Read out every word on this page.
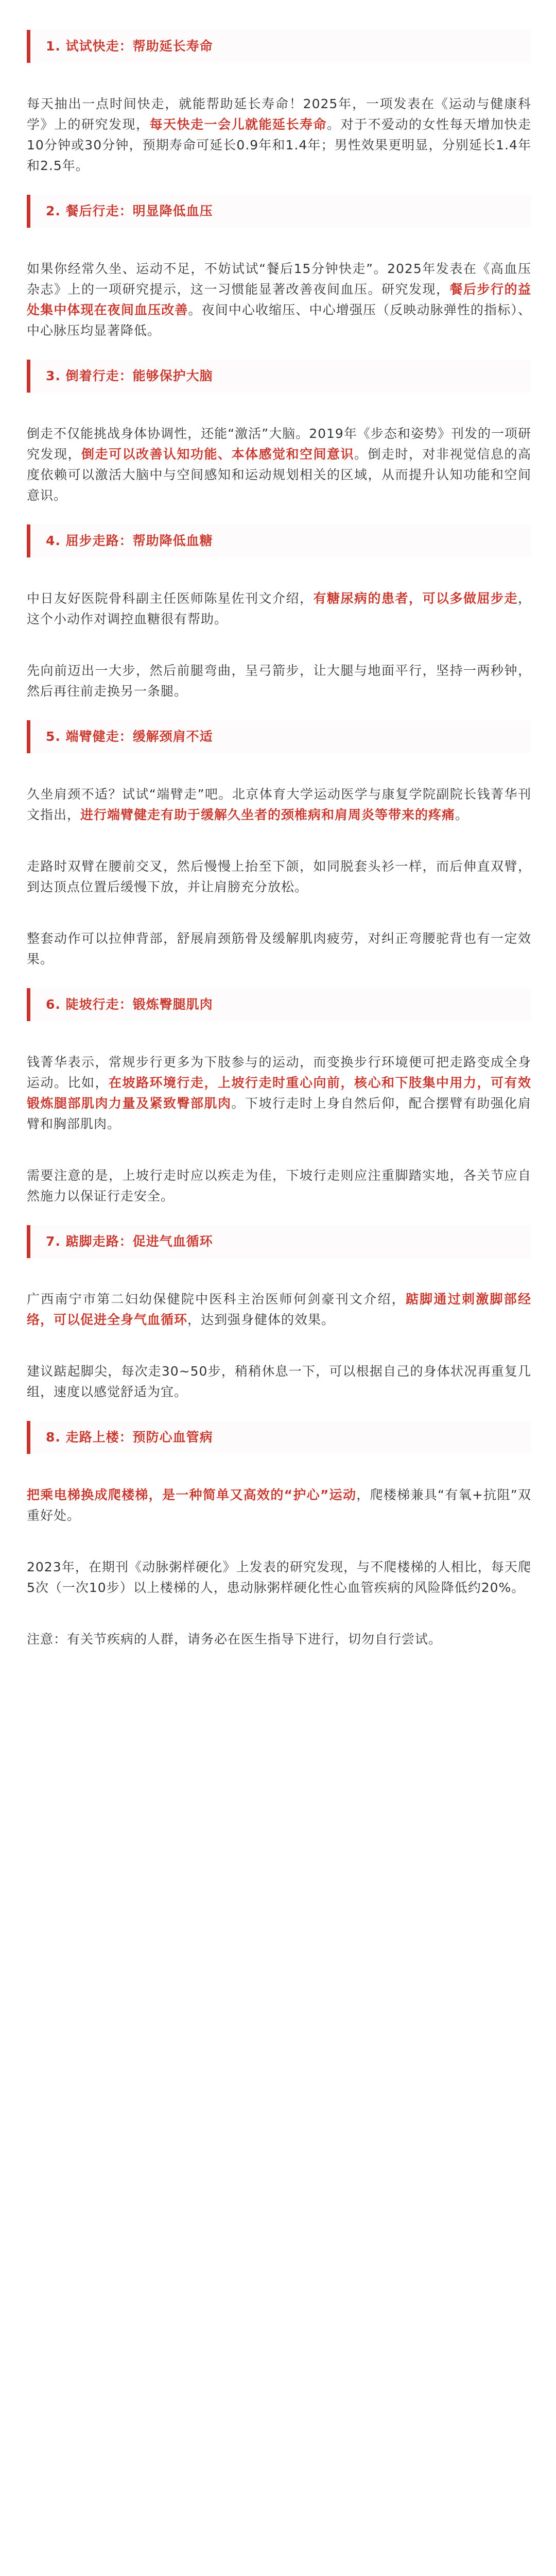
1. 试试快走：帮助延长寿命

每天抽出一点时间快走，就能帮助延长寿命！2025年，一项发表在《运动与健康科学》上的研究发现，每天快走一会儿就能延长寿命。对于不爱动的女性每天增加快走10分钟或30分钟，预期寿命可延长0.9年和1.4年；男性效果更明显，分别延长1.4年和2.5年。

2. 餐后行走：明显降低血压

如果你经常久坐、运动不足，不妨试试“餐后15分钟快走”。2025年发表在《高血压杂志》上的一项研究提示，这一习惯能显著改善夜间血压。研究发现，餐后步行的益处集中体现在夜间血压改善。夜间中心收缩压、中心增强压（反映动脉弹性的指标）、中心脉压均显著降低。

3. 倒着行走：能够保护大脑

倒走不仅能挑战身体协调性，还能“激活”大脑。2019年《步态和姿势》刊发的一项研究发现，倒走可以改善认知功能、本体感觉和空间意识。倒走时，对非视觉信息的高度依赖可以激活大脑中与空间感知和运动规划相关的区域，从而提升认知功能和空间意识。

4. 屈步走路：帮助降低血糖

中日友好医院骨科副主任医师陈星佐刊文介绍，有糖尿病的患者，可以多做屈步走，这个小动作对调控血糖很有帮助。

先向前迈出一大步，然后前腿弯曲，呈弓箭步，让大腿与地面平行，坚持一两秒钟，然后再往前走换另一条腿。

5. 端臂健走：缓解颈肩不适

久坐肩颈不适？试试“端臂走”吧。北京体育大学运动医学与康复学院副院长钱菁华刊文指出，进行端臂健走有助于缓解久坐者的颈椎病和肩周炎等带来的疼痛。

走路时双臂在腰前交叉，然后慢慢上抬至下颌，如同脱套头衫一样，而后伸直双臂，到达顶点位置后缓慢下放，并让肩膀充分放松。

整套动作可以拉伸背部，舒展肩颈筋骨及缓解肌肉疲劳，对纠正弯腰驼背也有一定效果。

6. 陡坡行走：锻炼臀腿肌肉

钱菁华表示，常规步行更多为下肢参与的运动，而变换步行环境便可把走路变成全身运动。比如，在坡路环境行走，上坡行走时重心向前，核心和下肢集中用力，可有效锻炼腿部肌肉力量及紧致臀部肌肉。下坡行走时上身自然后仰，配合摆臂有助强化肩臂和胸部肌肉。

需要注意的是，上坡行走时应以疾走为佳，下坡行走则应注重脚踏实地，各关节应自然施力以保证行走安全。

7. 踮脚走路：促进气血循环

广西南宁市第二妇幼保健院中医科主治医师何剑豪刊文介绍，踮脚通过刺激脚部经络，可以促进全身气血循环，达到强身健体的效果。

建议踮起脚尖，每次走30~50步，稍稍休息一下，可以根据自己的身体状况再重复几组，速度以感觉舒适为宜。

8. 走路上楼：预防心血管病

把乘电梯换成爬楼梯，是一种简单又高效的“护心”运动，爬楼梯兼具“有氧+抗阻”双重好处。

2023年，在期刊《动脉粥样硬化》上发表的研究发现，与不爬楼梯的人相比，每天爬5次（一次10步）以上楼梯的人，患动脉粥样硬化性心血管疾病的风险降低约20%。

注意：有关节疾病的人群，请务必在医生指导下进行，切勿自行尝试。
